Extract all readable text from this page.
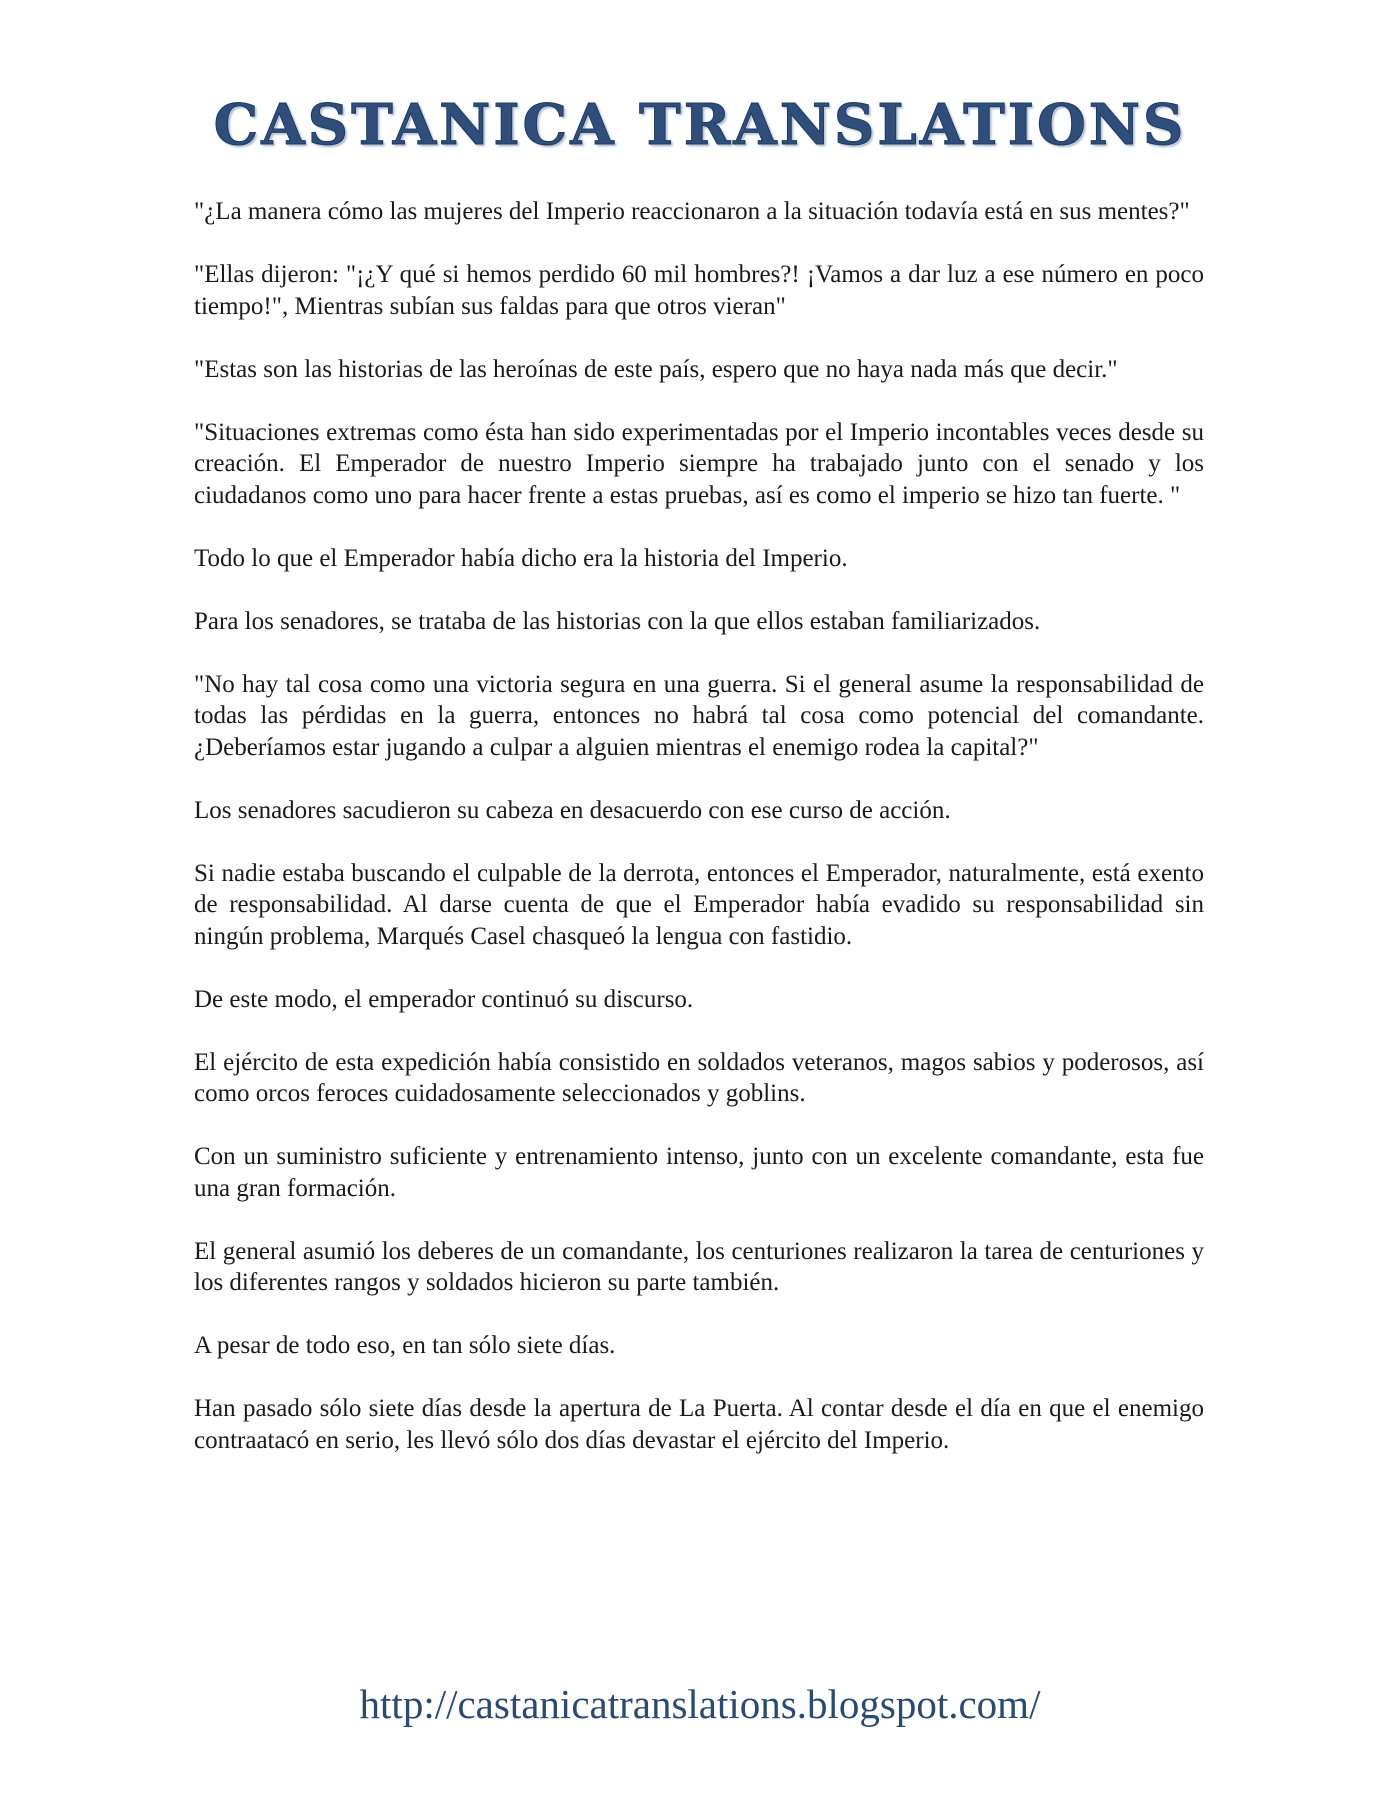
CASTANICA TRANSLATIONS

"¿La manera cómo las mujeres del Imperio reaccionaron a la situación todavía está en sus mentes?"

"Ellas dijeron: "¡¿Y qué si hemos perdido 60 mil hombres?! ¡Vamos a dar luz a ese número en poco tiempo!", Mientras subían sus faldas para que otros vieran"

"Estas son las historias de las heroínas de este país, espero que no haya nada más que decir."

"Situaciones extremas como ésta han sido experimentadas por el Imperio incontables veces desde su creación. El Emperador de nuestro Imperio siempre ha trabajado junto con el senado y los ciudadanos como uno para hacer frente a estas pruebas, así es como el imperio se hizo tan fuerte. "

Todo lo que el Emperador había dicho era la historia del Imperio.

Para los senadores, se trataba de las historias con la que ellos estaban familiarizados.

"No hay tal cosa como una victoria segura en una guerra. Si el general asume la responsabilidad de todas las pérdidas en la guerra, entonces no habrá tal cosa como potencial del comandante. ¿Deberíamos estar jugando a culpar a alguien mientras el enemigo rodea la capital?"

Los senadores sacudieron su cabeza en desacuerdo con ese curso de acción.

Si nadie estaba buscando el culpable de la derrota, entonces el Emperador, naturalmente, está exento de responsabilidad. Al darse cuenta de que el Emperador había evadido su responsabilidad sin ningún problema, Marqués Casel chasqueó la lengua con fastidio.

De este modo, el emperador continuó su discurso.

El ejército de esta expedición había consistido en soldados veteranos, magos sabios y poderosos, así como orcos feroces cuidadosamente seleccionados y goblins.

Con un suministro suficiente y entrenamiento intenso, junto con un excelente comandante, esta fue una gran formación.

El general asumió los deberes de un comandante, los centuriones realizaron la tarea de centuriones y los diferentes rangos y soldados hicieron su parte también.

A pesar de todo eso, en tan sólo siete días.

Han pasado sólo siete días desde la apertura de La Puerta. Al contar desde el día en que el enemigo contraatacó en serio, les llevó sólo dos días devastar el ejército del Imperio.

http://castanicatranslations.blogspot.com/
